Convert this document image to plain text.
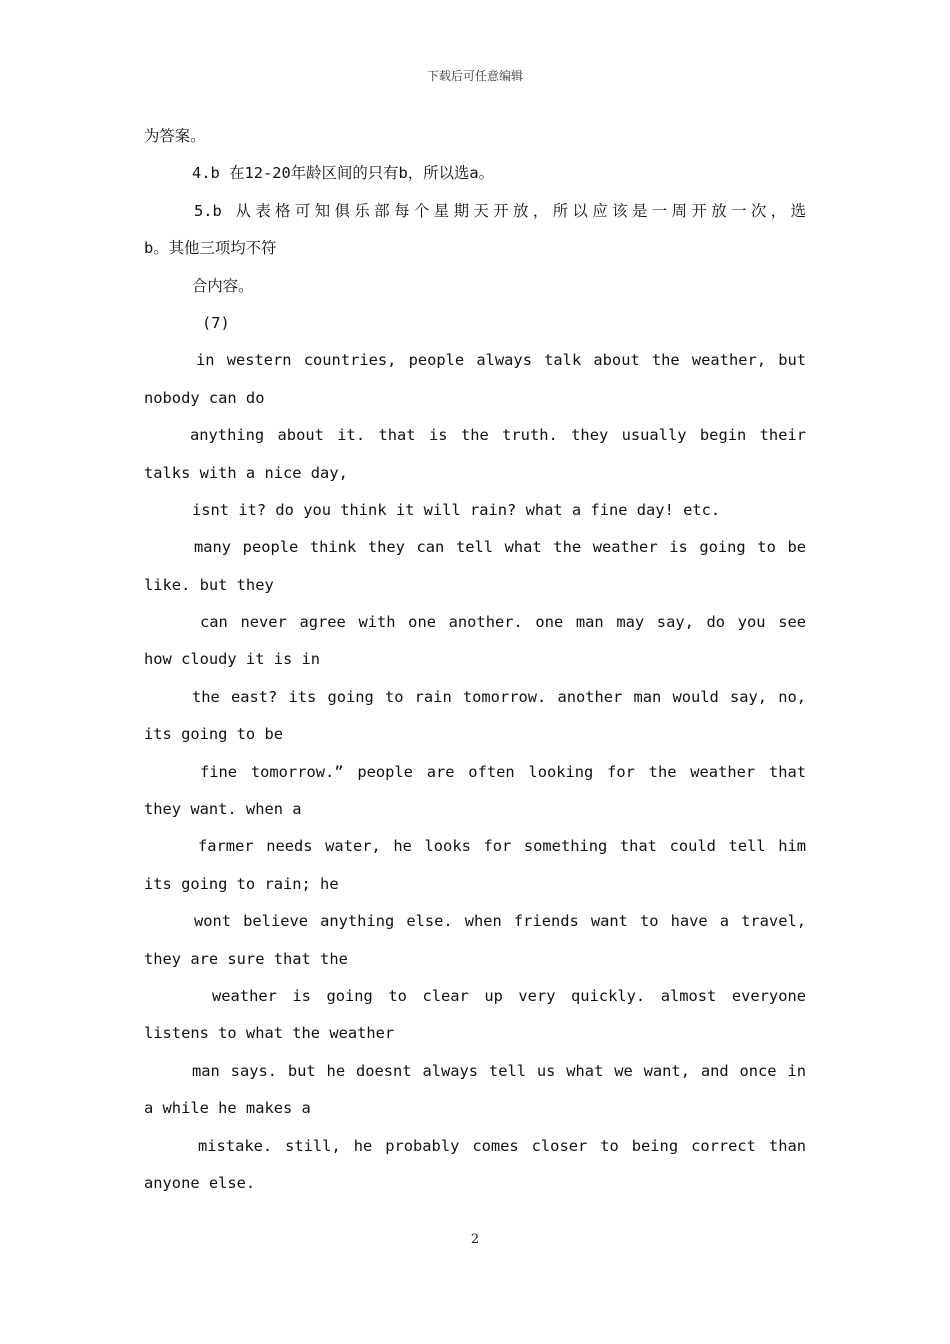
下载后可任意编辑
为答案。
4.b 在12-20年龄区间的只有b，所以选a。
5.b 从表格可知俱乐部每个星期天开放，所以应该是一周开放一次，选
b。其他三项均不符
合内容。
(7)
in western countries, people always talk about the weather, but
nobody can do
anything about it. that is the truth. they usually begin their
talks with a nice day,
isnt it? do you think it will rain? what a fine day! etc.
many people think they can tell what the weather is going to be
like. but they
can never agree with one another. one man may say, do you see
how cloudy it is in
the east? its going to rain tomorrow. another man would say, no,
its going to be
fine tomorrow.” people are often looking for the weather that
they want. when a
farmer needs water, he looks for something that could tell him
its going to rain; he
wont believe anything else. when friends want to have a travel,
they are sure that the
weather is going to clear up very quickly. almost everyone
listens to what the weather
man says. but he doesnt always tell us what we want, and once in
a while he makes a
mistake. still, he probably comes closer to being correct than
anyone else.
2
